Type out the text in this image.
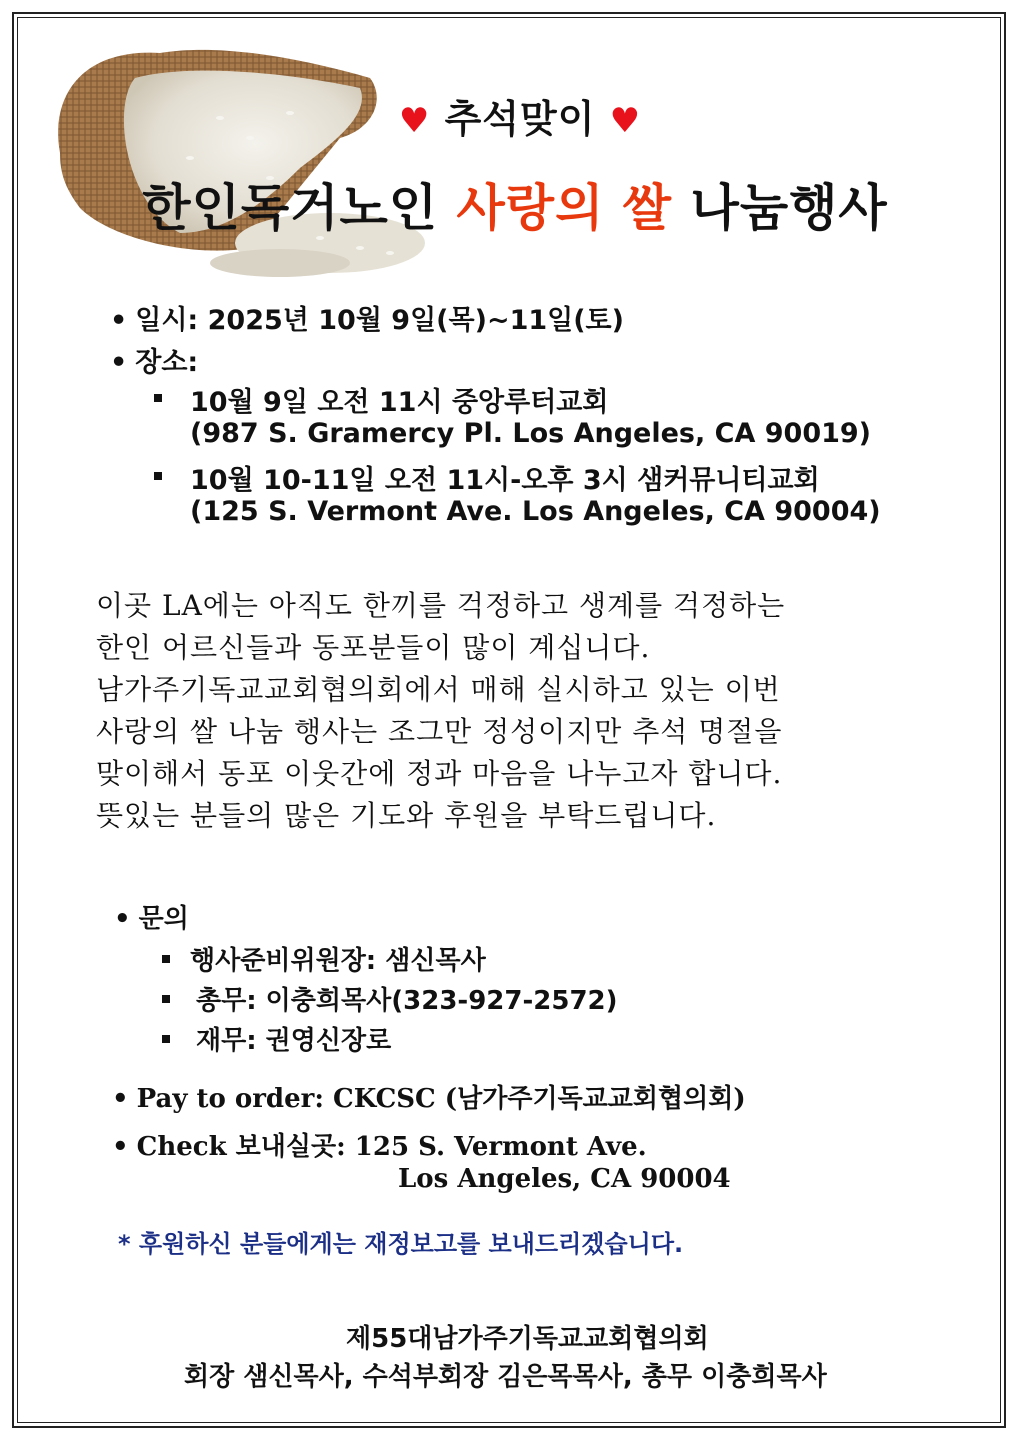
♥ 추석맞이 ♥
한인독거노인 사랑의 쌀 나눔행사
• 일시: 2025년 10월 9일(목)~11일(토)
• 장소:
10월 9일 오전 11시 중앙루터교회
(987 S. Gramercy Pl. Los Angeles, CA 90019)
10월 10-11일 오전 11시-오후 3시 샘커뮤니티교회
(125 S. Vermont Ave. Los Angeles, CA 90004)
이곳 LA에는 아직도 한끼를 걱정하고 생계를 걱정하는
한인 어르신들과 동포분들이 많이 계십니다.
남가주기독교교회협의회에서 매해 실시하고 있는 이번
사랑의 쌀 나눔 행사는 조그만 정성이지만 추석 명절을
맞이해서 동포 이웃간에 정과 마음을 나누고자 합니다.
뜻있는 분들의 많은 기도와 후원을 부탁드립니다.
• 문의
행사준비위원장: 샘신목사
총무: 이충희목사(323-927-2572)
재무: 권영신장로
• Pay to order: CKCSC (남가주기독교교회협의회)
• Check 보내실곳: 125 S. Vermont Ave.
Los Angeles, CA 90004
* 후원하신 분들에게는 재정보고를 보내드리겠습니다.
제55대남가주기독교교회협의회
회장 샘신목사, 수석부회장 김은목목사, 총무 이충희목사
